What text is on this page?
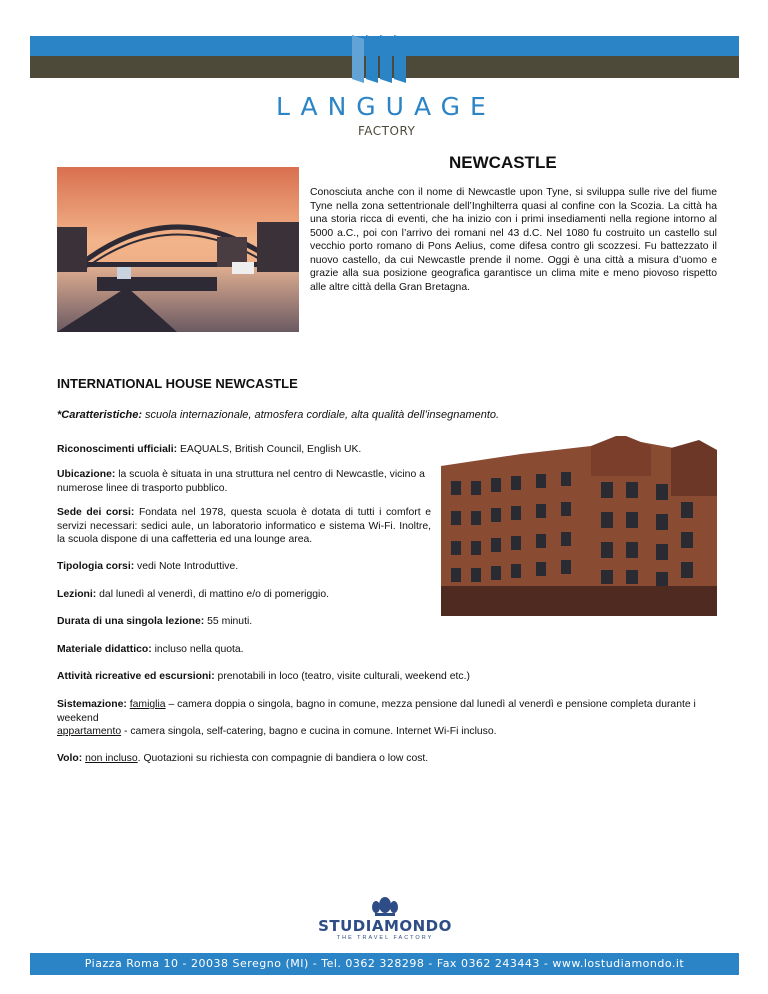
LANGUAGE
FACTORY
NEWCASTLE
Conosciuta anche con il nome di Newcastle upon Tyne, si sviluppa sulle rive del fiume Tyne nella zona settentrionale dell’Inghilterra quasi al confine con la Scozia. La città ha una storia ricca di eventi, che ha inizio con i primi insediamenti nella regione intorno al 5000 a.C., poi con l’arrivo dei romani nel 43 d.C. Nel 1080 fu costruito un castello sul vecchio porto romano di Pons Aelius, come difesa contro gli scozzesi. Fu battezzato il nuovo castello, da cui Newcastle prende il nome. Oggi è una città a misura d’uomo e grazie alla sua posizione geografica garantisce un clima mite e meno piovoso rispetto alle altre città della Gran Bretagna.
INTERNATIONAL HOUSE NEWCASTLE
*Caratteristiche: scuola internazionale, atmosfera cordiale, alta qualità dell’insegnamento.
Riconoscimenti ufficiali: EAQUALS, British Council, English UK.
Ubicazione: la scuola è situata in una struttura nel centro di Newcastle, vicino a numerose linee di trasporto pubblico.
Sede dei corsi: Fondata nel 1978, questa scuola è dotata di tutti i comfort e servizi necessari: sedici aule, un laboratorio informatico e sistema Wi-Fi. Inoltre, la scuola dispone di una caffetteria ed una lounge area.
Tipologia corsi: vedi Note Introduttive.
Lezioni: dal lunedì al venerdì, di mattino e/o di pomeriggio.
Durata di una singola lezione: 55 minuti.
Materiale didattico: incluso nella quota.
Attività ricreative ed escursioni: prenotabili in loco (teatro, visite culturali, weekend etc.)
Sistemazione: famiglia – camera doppia o singola, bagno in comune, mezza pensione dal lunedì al venerdì e pensione completa durante i weekend
appartamento - camera singola, self-catering, bagno e cucina in comune. Internet Wi-Fi incluso.
Volo: non incluso. Quotazioni su richiesta con compagnie di bandiera o low cost.
STUDIAMONDO
THE TRAVEL FACTORY
Piazza Roma 10 - 20038 Seregno (MI) - Tel. 0362 328298 - Fax 0362 243443 - www.lostudiamondo.it
